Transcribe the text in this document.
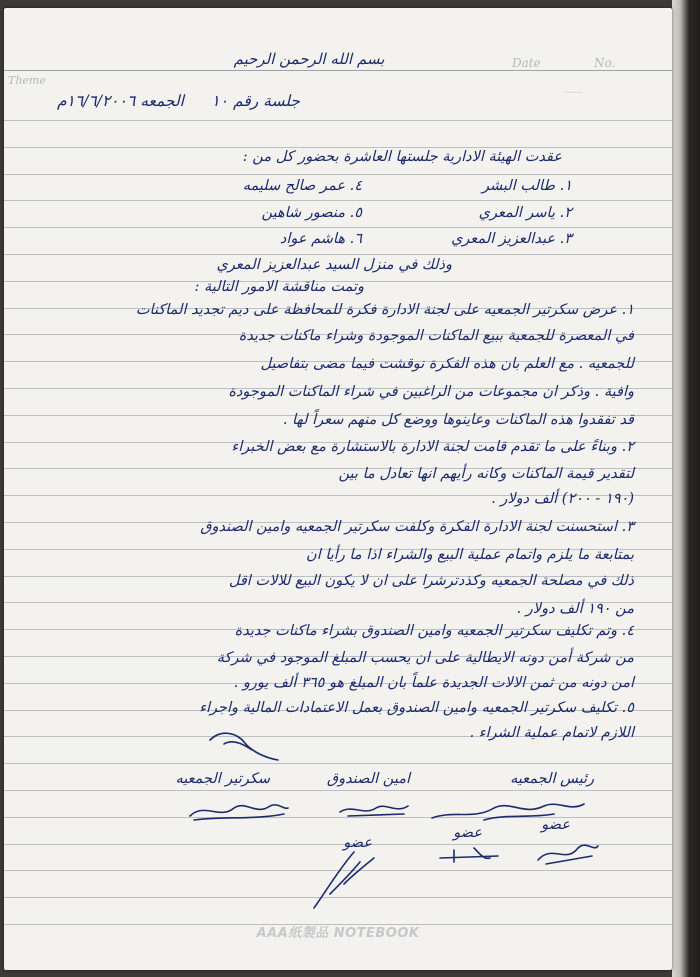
Theme
Date	No.
ـــــ
بسم الله الرحمن الرحيم
جلسة رقم ١٠
الجمعه ١٦/٦/٢٠٠٦م
عقدت الهيئة الادارية جلستها العاشرة بحضور كل من :
١. طالب البشر
٢. ياسر المعري
٣. عبدالعزيز المعري
٤. عمر صالح سليمه
٥. منصور شاهين
٦. هاشم عواد
وذلك في منزل السيد عبدالعزيز المعري
وتمت مناقشة الامور التالية :
١. عرض سكرتير الجمعيه على لجنة الادارة فكرة للمحافظة على ديم تجديد الماكنات
في المعصرة للجمعية ببيع الماكنات الموجودة وشراء ماكنات جديدة
للجمعيه . مع العلم بان هذه الفكرة نوقشت فيما مضى بتفاصيل
وافية . وذكر ان مجموعات من الراغبين في شراء الماكنات الموجودة
قد تفقدوا هذه الماكنات وعاينوها ووضع كل منهم سعراً لها .
٢. وبناءً على ما تقدم قامت لجنة الادارة بالاستشارة مع بعض الخبراء
لتقدير قيمة الماكنات وكانه رأيهم انها تعادل ما بين
(١٩٠ - ٢٠٠) ألف دولار .
٣. استحسنت لجنة الادارة الفكرة وكلفت سكرتير الجمعيه وامين الصندوق
بمتابعة ما يلزم واتمام عملية البيع والشراء اذا ما رأيا ان
ذلك في مصلحة الجمعيه وكذدترشرا على ان لا يكون البيع للالات اقل
من ١٩٠ ألف دولار .
٤. وتم تكليف سكرتير الجمعيه وامين الصندوق بشراء ماكنات جديدة
من شركة أمن دونه الايطالية على ان يحسب المبلغ الموجود في شركة
امن دونه من ثمن الالات الجديدة علماً بان المبلغ هو ٣٦٥ ألف يورو .
٥. تكليف سكرتير الجمعيه وامين الصندوق بعمل الاعتمادات المالية واجراء
اللازم لاتمام عملية الشراء .
رئيس الجمعيه
امين الصندوق
سكرتير الجمعيه
عضو
عضو
عضو
AAA纸製品 NOTEBOOK
